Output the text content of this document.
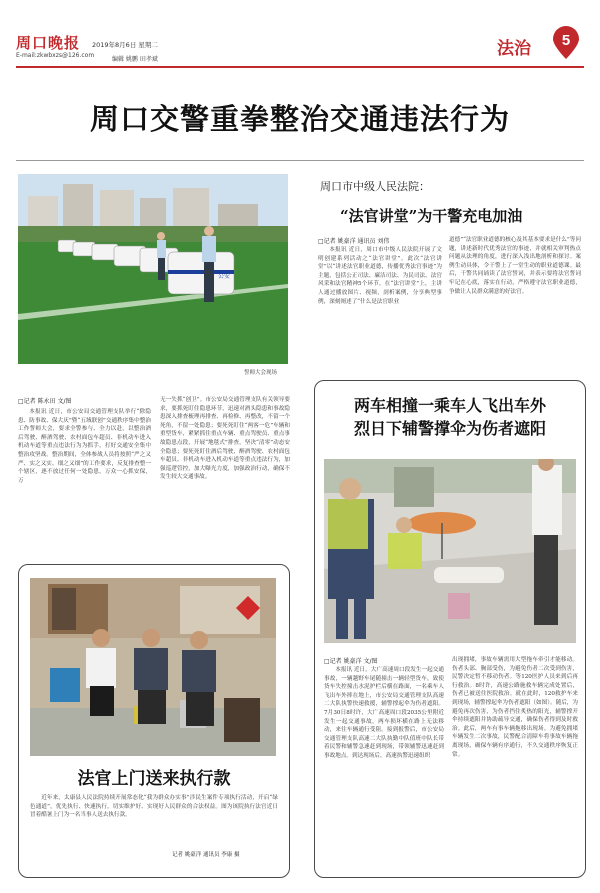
周口晚报
E-mail:zkwbxzs@126.com
2019年8月6日 星期二
编辑 姚鹏 田孝斌
法治 5
周口交警重拳整治交通违法行为
公安
誓师大会现场
周口市中级人民法院：
“法官讲堂”为干警充电加油
□记者 姚豪洋 通讯员 刘伟
本报讯 近日，周口市中级人民法院开展了文明创建系列活动之“法官讲堂”。此次“法官讲堂”以“讲述法官职业道德，传播优秀法官事迹”为主题，包括公正司法、廉洁司法、为民司法、法官风采和法官精神5个环节。在“法官讲堂”上，主讲人通过播放图片、视频，剖析案例，分享典型事例，深刻阐述了“什么是法官职业
道德”“法官职业道德的核心及其基本要求是什么”等问题，讲述新时代优秀法官的事迹，并就相关审判热点问题从法理的角度，进行深入浅出地剖析和探讨。案例生动具体，令干警上了一堂生动的职业道德课。最后，干警共同诵读了法官誓词，并表示要将法官誓词牢记在心底，落实在行动，严格遵守法官职业道德，争做让人民群众满意的好法官。
□记者 陈永田 文/图
本报讯 近日，市公安局交通管理支队举行“除隐患、防事故、保大庆”暨“五域联创”交通秩序集中整治工作誓师大会，要求全警参与、全力以赴，以整治酒后驾驶、醉酒驾驶、农村面包车超员、非机动车进入机动车道等重点违法行为为抓手，打好交通安全集中整治攻坚战。整治期间，全体参战人员将按照“严之又严、实之又实、细之又细”的工作要求，反复排查整一个辖区，逐不放过任何一处隐患，万众一心抓安保，万
无一失抓“创卫”。市公安局交通管理支队有关领导要求，要抓死盯住隐患环节，迅速对酒头隐患和事故隐患深入排查梳理再排查、再检修、再整改，不留一个死角，不留一处隐患；要死死盯住“两客一危”车辆和重型货车，紧紧抓住重点车辆、重点驾驶员、重点事故隐患点段，开展“地毯式”排查，坚决“清零”动态安全隐患；要死死盯住酒后驾驶、醉酒驾驶、农村面包车超员、非机动车进入机动车道等重点违法行为，加强巡逻管控，加大曝光力度，加强政治行动，确保不发生较大交通事故。
两车相撞一乘车人飞出车外
烈日下辅警撑伞为伤者遮阳
□记者 姚豪洋 文/图
本报讯 近日，大广高速周口段发生一起交通事故，一辆越野车尾随撞击一辆轻型货车，致使货车失控撞击水泥护栏后横在路面，一名乘车人飞出车外摔在地上，市公安局交通管理支队高速二大队执警快速救援，辅警撑起伞为伤者遮阳。7月30日8时许，大广高速周口段2035公里附近发生一起交通事故，两车损坏横在路上无法移动，来往车辆通行受阻。接到报警后，市公安局交通管理支队高速二大队执勤中队值班中队长带着民警和辅警急速赶到现场，带领辅警迅速赶到事故地点。到达现场后，高速执警迅速组织
出现拥堵，事故车辆需用大型拖车牵引才能移动。伤者头部、胸部受伤，为避免伤者二次受到伤害，民警决定暂不移动伤者。等120医护人员来到后再行救治。8时许，高速公路施救车辆完成处置后，伤者已被送往医院救治。就在此时，120救护车来到现场，辅警撑起伞为伤者遮阳（如图）。随后，为避免再次伤害，为伤者挡住炙热的阳光，辅警撑开伞持续遮阳并协助疏导交通，确保伤者得到及时救治。此后，两车有事车辆拖移出现场。为避免拥堵车辆发生二次事故，民警配合清障车将事故车辆拖离现场，确保车辆有序通行，不久交通秩序恢复正常。
法官上门送来执行款
近年来，太康县人民法院持续开展常态化“我为群众办实事”涉民生案件专项执行活动，开启“绿色通道”，优先执行、快速执行，切实维护好、实现好人民群众的合法权益。图为该院执行法官近日冒着酷暑上门为一名当事人送去执行款。
记者 姚豪洋 通讯员 李康 摄
